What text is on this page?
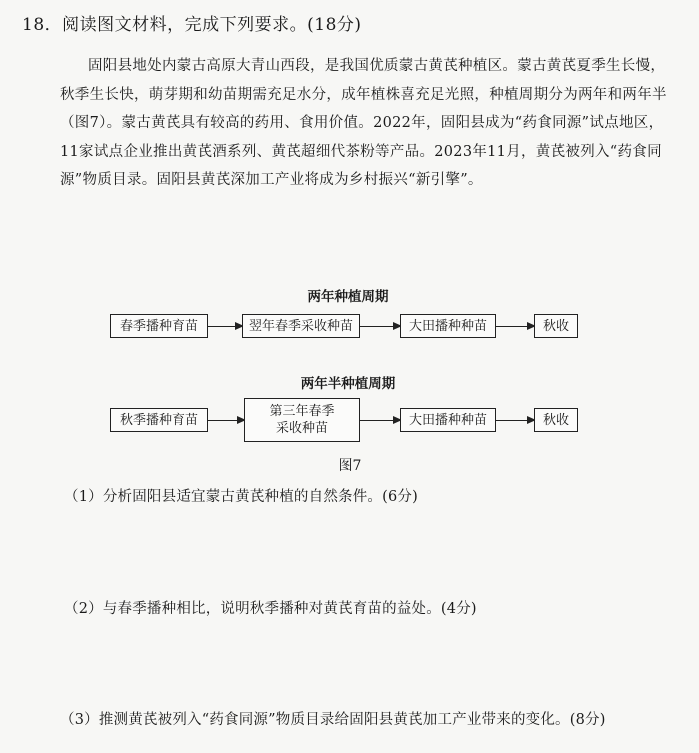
18．阅读图文材料，完成下列要求。(18分)

固阳县地处内蒙古高原大青山西段，是我国优质蒙古黄芪种植区。蒙古黄芪夏季生长慢，秋季生长快，萌芽期和幼苗期需充足水分，成年植株喜充足光照，种植周期分为两年和两年半（图7）。蒙古黄芪具有较高的药用、食用价值。2022年，固阳县成为“药食同源”试点地区，11家试点企业推出黄芪酒系列、黄芪超细代茶粉等产品。2023年11月，黄芪被列入“药食同源”物质目录。固阳县黄芪深加工产业将成为乡村振兴“新引擎”。

两年种植周期
春季播种育苗	翌年春季采收种苗	大田播种种苗	秋收
两年半种植周期
秋季播种育苗
第三年春季采收种苗
大田播种种苗	秋收
图7
（1）分析固阳县适宜蒙古黄芪种植的自然条件。(6分)
（2）与春季播种相比，说明秋季播种对黄芪育苗的益处。(4分)
（3）推测黄芪被列入“药食同源”物质目录给固阳县黄芪加工产业带来的变化。(8分)
